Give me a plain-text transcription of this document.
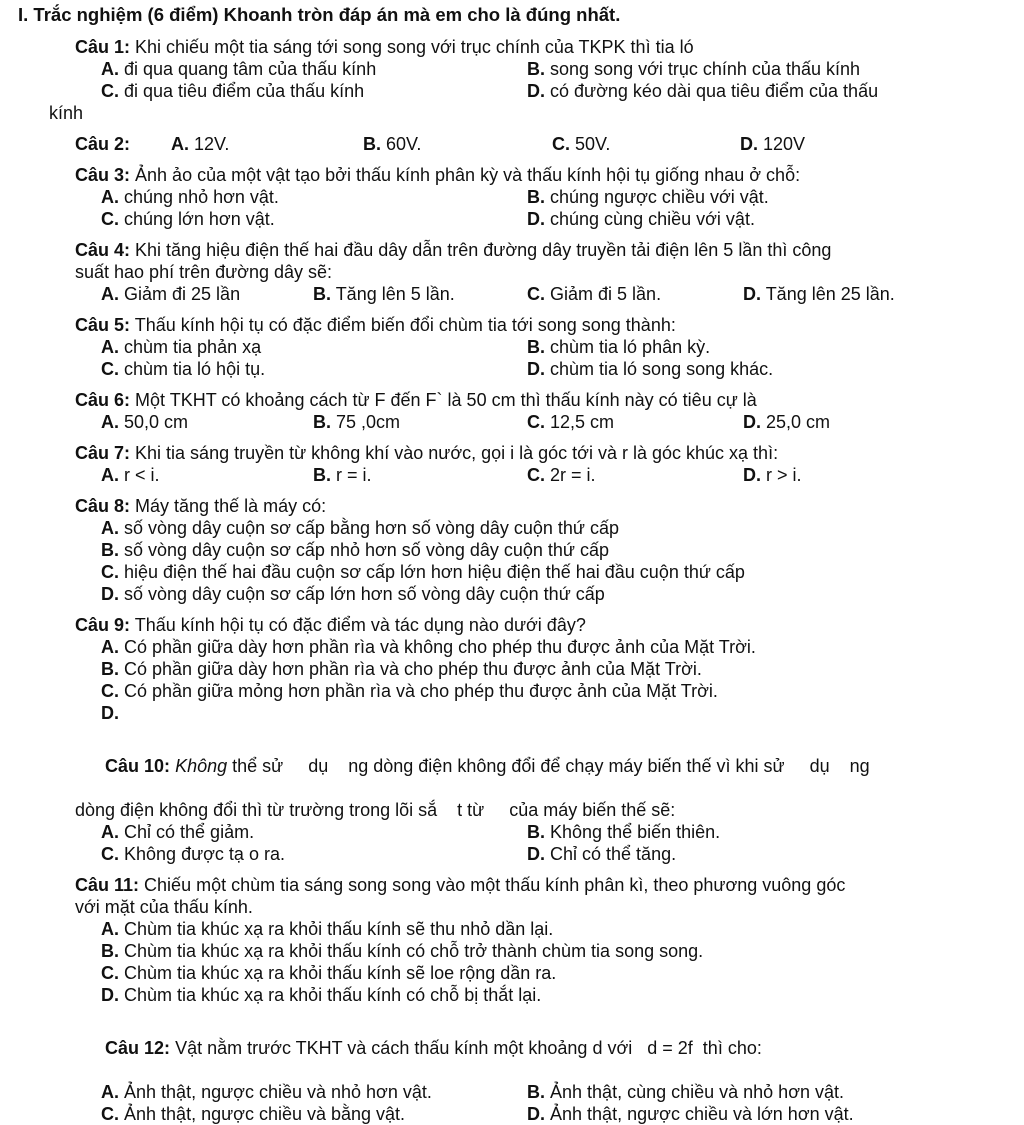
I. Trắc nghiệm (6 điểm) Khoanh tròn đáp án mà em cho là đúng nhất.
Câu 1: Khi chiếu một tia sáng tới song song với trục chính của TKPK thì tia ló
A. đi qua quang tâm của thấu kính	B. song song với trục chính của thấu kính
C. đi qua tiêu điểm của thấu kính	D. có đường kéo dài qua tiêu điểm của thấu
kính
Câu 2:	A. 12V.	B. 60V.	C. 50V.	D. 120V
Câu 3: Ảnh ảo của một vật tạo bởi thấu kính phân kỳ và thấu kính hội tụ giống nhau ở chỗ:
A. chúng nhỏ hơn vật.	B. chúng ngược chiều với vật.
C. chúng lớn hơn vật.	D. chúng cùng chiều với vật.
Câu 4: Khi tăng hiệu điện thế hai đầu dây dẫn trên đường dây truyền tải điện lên 5 lần thì công
suất hao phí trên đường dây sẽ:
A. Giảm đi 25 lần	B. Tăng lên 5 lần.	C. Giảm đi 5 lần.	D. Tăng lên 25 lần.
Câu 5: Thấu kính hội tụ có đặc điểm biến đổi chùm tia tới song song thành:
A. chùm tia phản xạ	B. chùm tia ló phân kỳ.
C. chùm tia ló hội tụ.	D. chùm tia ló song song khác.
Câu 6: Một TKHT có khoảng cách từ F đến F` là 50 cm thì thấu kính này có tiêu cự là
A. 50,0 cm	B. 75 ,0cm	C. 12,5 cm	D. 25,0 cm
Câu 7: Khi tia sáng truyền từ không khí vào nước, gọi i là góc tới và r là góc khúc xạ thì:
A. r < i.	B. r = i.	C. 2r = i.	D. r > i.
Câu 8: Máy tăng thế là máy có:
A. số vòng dây cuộn sơ cấp bằng hơn số vòng dây cuộn thứ cấp
B. số vòng dây cuộn sơ cấp nhỏ hơn số vòng dây cuộn thứ cấp
C. hiệu điện thế hai đầu cuộn sơ cấp lớn hơn hiệu điện thế hai đầu cuộn thứ cấp
D. số vòng dây cuộn sơ cấp lớn hơn số vòng dây cuộn thứ cấp
Câu 9: Thấu kính hội tụ có đặc điểm và tác dụng nào dưới đây?
A. Có phần giữa dày hơn phần rìa và không cho phép thu được ảnh của Mặt Trời.
B. Có phần giữa dày hơn phần rìa và cho phép thu được ảnh của Mặt Trời.
C. Có phần giữa mỏng hơn phần rìa và cho phép thu được ảnh của Mặt Trời.
D.

Câu 10: Không thể sử     dụ    ng dòng điện không đổi để chạy máy biến thế vì khi sử     dụ    ng

dòng điện không đổi thì từ trường trong lõi sắ    t từ     của máy biến thế sẽ:
A. Chỉ có thể giảm.	B. Không thể biến thiên.
C. Không được tạ o ra.	D. Chỉ có thể tăng.
Câu 11: Chiếu một chùm tia sáng song song vào một thấu kính phân kì, theo phương vuông góc
với mặt của thấu kính.
A. Chùm tia khúc xạ ra khỏi thấu kính sẽ thu nhỏ dần lại.
B. Chùm tia khúc xạ ra khỏi thấu kính có chỗ trở thành chùm tia song song.
C. Chùm tia khúc xạ ra khỏi thấu kính sẽ loe rộng dần ra.
D. Chùm tia khúc xạ ra khỏi thấu kính có chỗ bị thắt lại.

Câu 12: Vật nằm trước TKHT và cách thấu kính một khoảng d với   d = 2f  thì cho:

A. Ảnh thật, ngược chiều và nhỏ hơn vật.	B. Ảnh thật, cùng chiều và nhỏ hơn vật.
C. Ảnh thật, ngược chiều và bằng vật.	D. Ảnh thật, ngược chiều và lớn hơn vật.
